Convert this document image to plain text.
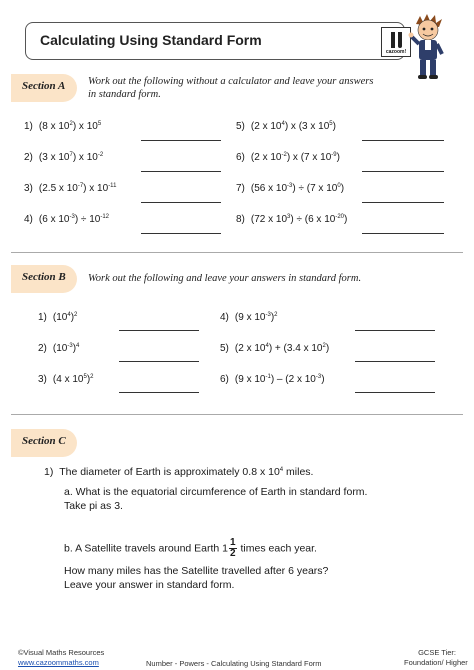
Calculating Using Standard Form
cazoom!
Section A Work out the following without a calculator and leave your answers
in standard form.
1) (8 x $10^2$) x $10^5$
2) (3 x $10^7$) x $10^{-2}$
3) (2.5 x $10^{-7}$) x $10^{-11}$
4) (6 x $10^{-3}) \div 10^{-12}$
5) (2 x $10^4$) x (3 x $10^5$)
6) (2 x $10^{-2}$) x (7 x $10^{-9}$)
7) (56 x $10^{-3}) \div (7$ x $10^0$)
8) (72 x $10^3) \div (6$ x $10^{-20}$)
Section B Work out the following and leave your answers in standard form.
1) $(10^4)^2$
2) $(10^{-3})^4$
3) (4 x $10^5)^2$
4) (9 x $10^{-3})^2$
5) (2 x $10^4) + (3.4$ x $10^2$)
6) (9 x $10^{-1}) - (2$ x $10^{-3}$)
Section C
1) The diameter of Earth is approximately 0.8 x $10^4$ miles.
a. What is the equatorial circumference of Earth in standard form.
Take pi as 3.
b. A Satellite travels around Earth $1 \frac{1}{2}$ times each year.
How many miles has the Satellite travelled after 6 years?
Leave your answer in standard form.
©Visual Maths Resources
www.cazoommaths.com	Number - Powers - Calculating Using Standard Form
GCSE Tier:
Foundation/ Higher
